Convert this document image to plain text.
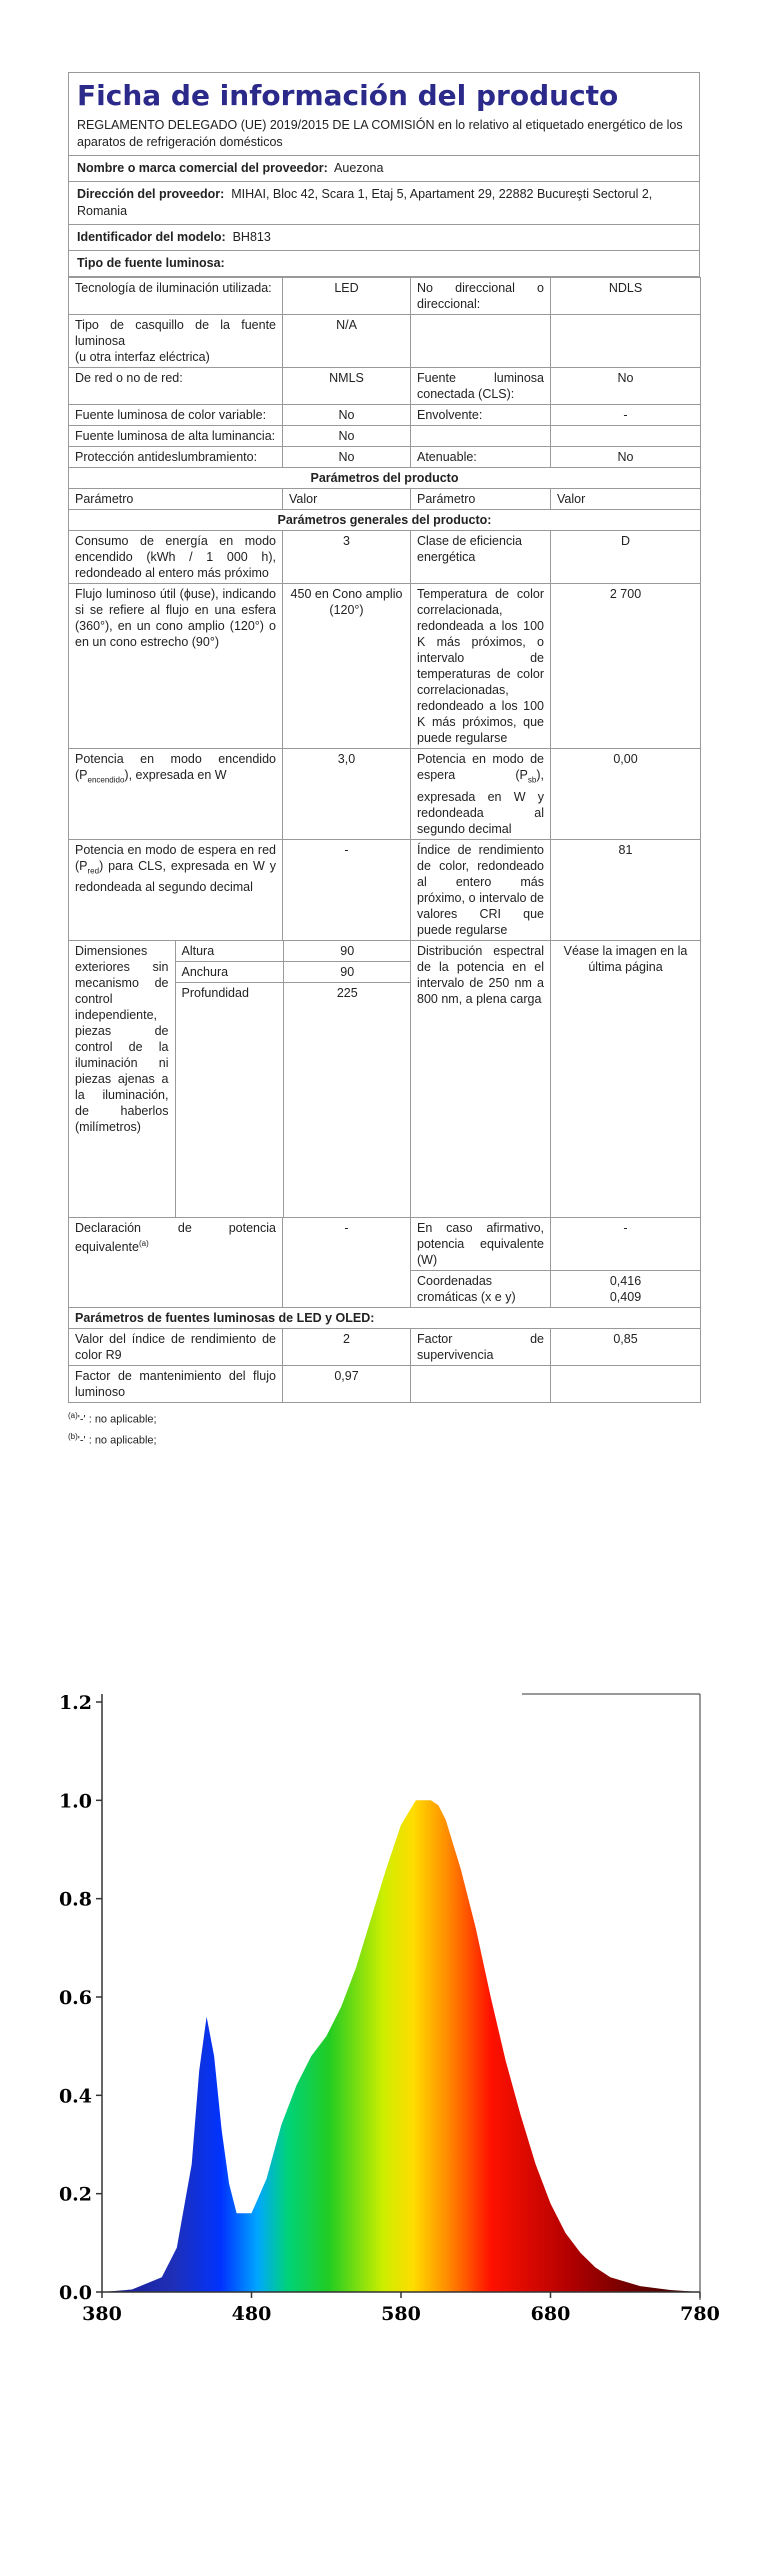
Ficha de información del producto
REGLAMENTO DELEGADO (UE) 2019/2015 DE LA COMISIÓN en lo relativo al etiquetado energético de los aparatos de refrigeración domésticos
Nombre o marca comercial del proveedor: Auezona
Dirección del proveedor: MIHAI, Bloc 42, Scara 1, Etaj 5, Apartament 29, 22882 Bucureşti Sectorul 2, Romania
Identificador del modelo: BH813
Tipo de fuente luminosa:
Tecnología de iluminación utilizada:	LED	No direccional o direccional:	NDLS
Tipo de casquillo de la fuente luminosa
(u otra interfaz eléctrica)	N/A		
De red o no de red:	NMLS	Fuente luminosa conectada (CLS):	No
Fuente luminosa de color variable:	No	Envolvente:	-
Fuente luminosa de alta luminancia:	No		
Protección antideslumbramiento:	No	Atenuable:	No
Parámetros del producto
Parámetro	Valor	Parámetro	Valor
Parámetros generales del producto:
Consumo de energía en modo encendido (kWh / 1 000 h), redondeado al entero más próximo	3	Clase de eficiencia energética	D
Flujo luminoso útil (ϕuse), indicando si se refiere al flujo en una esfera (360°), en un cono amplio (120°) o en un cono estrecho (90°)	450 en Cono amplio (120°)	Temperatura de color correlacionada, redondeada a los 100 K más próximos, o intervalo de temperaturas de color correlacionadas, redondeado a los 100 K más próximos, que puede regularse	2 700
Potencia en modo encendido $(P_{encendido})$, expresada en W	3,0	Potencia en modo de espera $(P_{sb})$, expresada en W y redondeada al segundo decimal	0,00
Potencia en modo de espera en red $(P_{red})$ para CLS, expresada en W y redondeada al segundo decimal	-	Índice de rendimiento de color, redondeado al entero más próximo, o intervalo de valores CRI que puede regularse	81

Dimensiones exteriores sin mecanismo de control independiente, piezas de control de la iluminación ni piezas ajenas a la iluminación, de haberlos (milímetros)	Altura	90
Anchura	90
Profundidad	225
	Distribución espectral de la potencia en el intervalo de 250 nm a 800 nm, a plena carga	Véase la imagen en la última página
Declaración de potencia equivalente$^{(a)}$	-	En caso afirmativo, potencia equivalente (W)	-
Coordenadas cromáticas (x e y)	0,416
0,409
Parámetros de fuentes luminosas de LED y OLED:
Valor del índice de rendimiento de color R9	2	Factor de supervivencia	0,85
Factor de mantenimiento del flujo luminoso	0,97		
$^{(a)}$'-' : no aplicable;
$^{(b)}$'-' : no aplicable;
0.0
0.2
0.4
0.6
0.8
1.0
1.2
380	480	580	680	780
